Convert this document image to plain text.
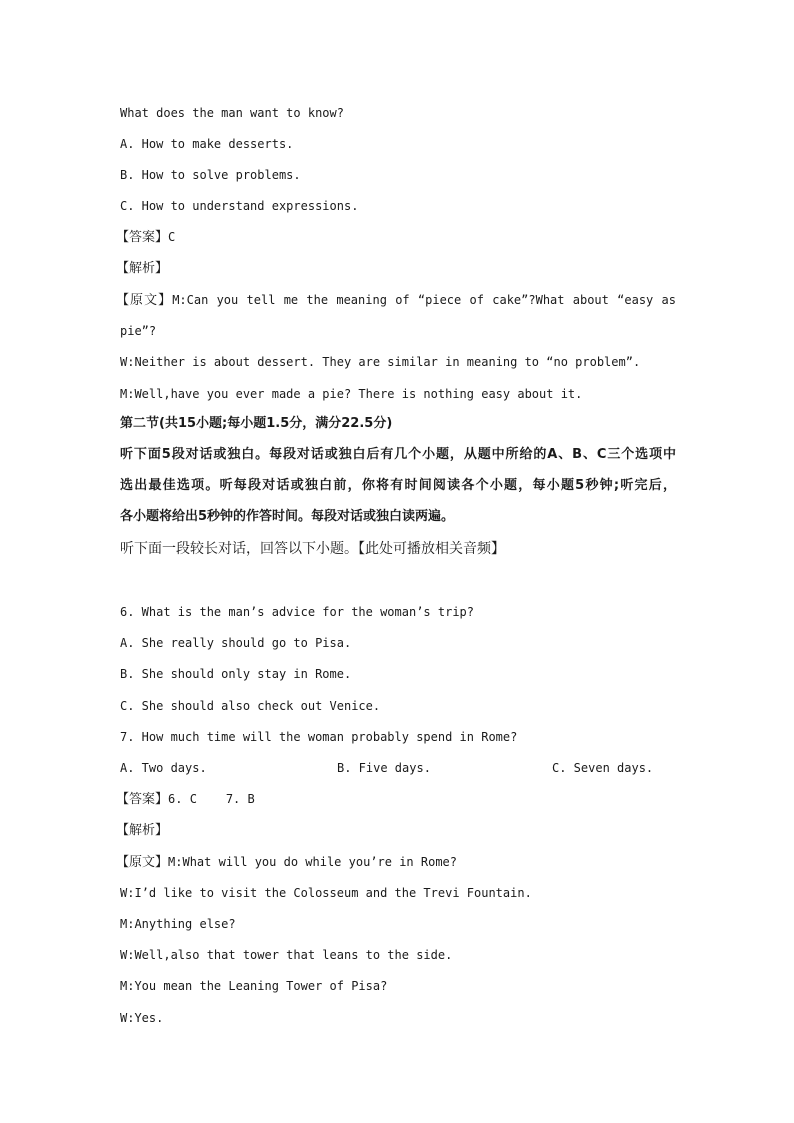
What does the man want to know?
A. How to make desserts.
B. How to solve problems.
C. How to understand expressions.
【答案】C
【解析】
【原文】M:Can you tell me the meaning of “piece of cake”?What about “easy as
pie”?
W:Neither is about dessert. They are similar in meaning to “no problem”.
M:Well,have you ever made a pie? There is nothing easy about it.
第二节(共15小题;每小题1.5分，满分22.5分)
听下面5段对话或独白。每段对话或独白后有几个小题，从题中所给的A、B、C三个选项中
选出最佳选项。听每段对话或独白前，你将有时间阅读各个小题，每小题5秒钟;听完后，
各小题将给出5秒钟的作答时间。每段对话或独白读两遍。
听下面一段较长对话，回答以下小题。【此处可播放相关音频】
6. What is the man’s advice for the woman’s trip?
A. She really should go to Pisa.
B. She should only stay in Rome.
C. She should also check out Venice.
7. How much time will the woman probably spend in Rome?
A. Two days.	B. Five days.	C. Seven days.
【答案】6. C    7. B
【解析】
【原文】M:What will you do while you’re in Rome?
W:I’d like to visit the Colosseum and the Trevi Fountain.
M:Anything else?
W:Well,also that tower that leans to the side.
M:You mean the Leaning Tower of Pisa?
W:Yes.
